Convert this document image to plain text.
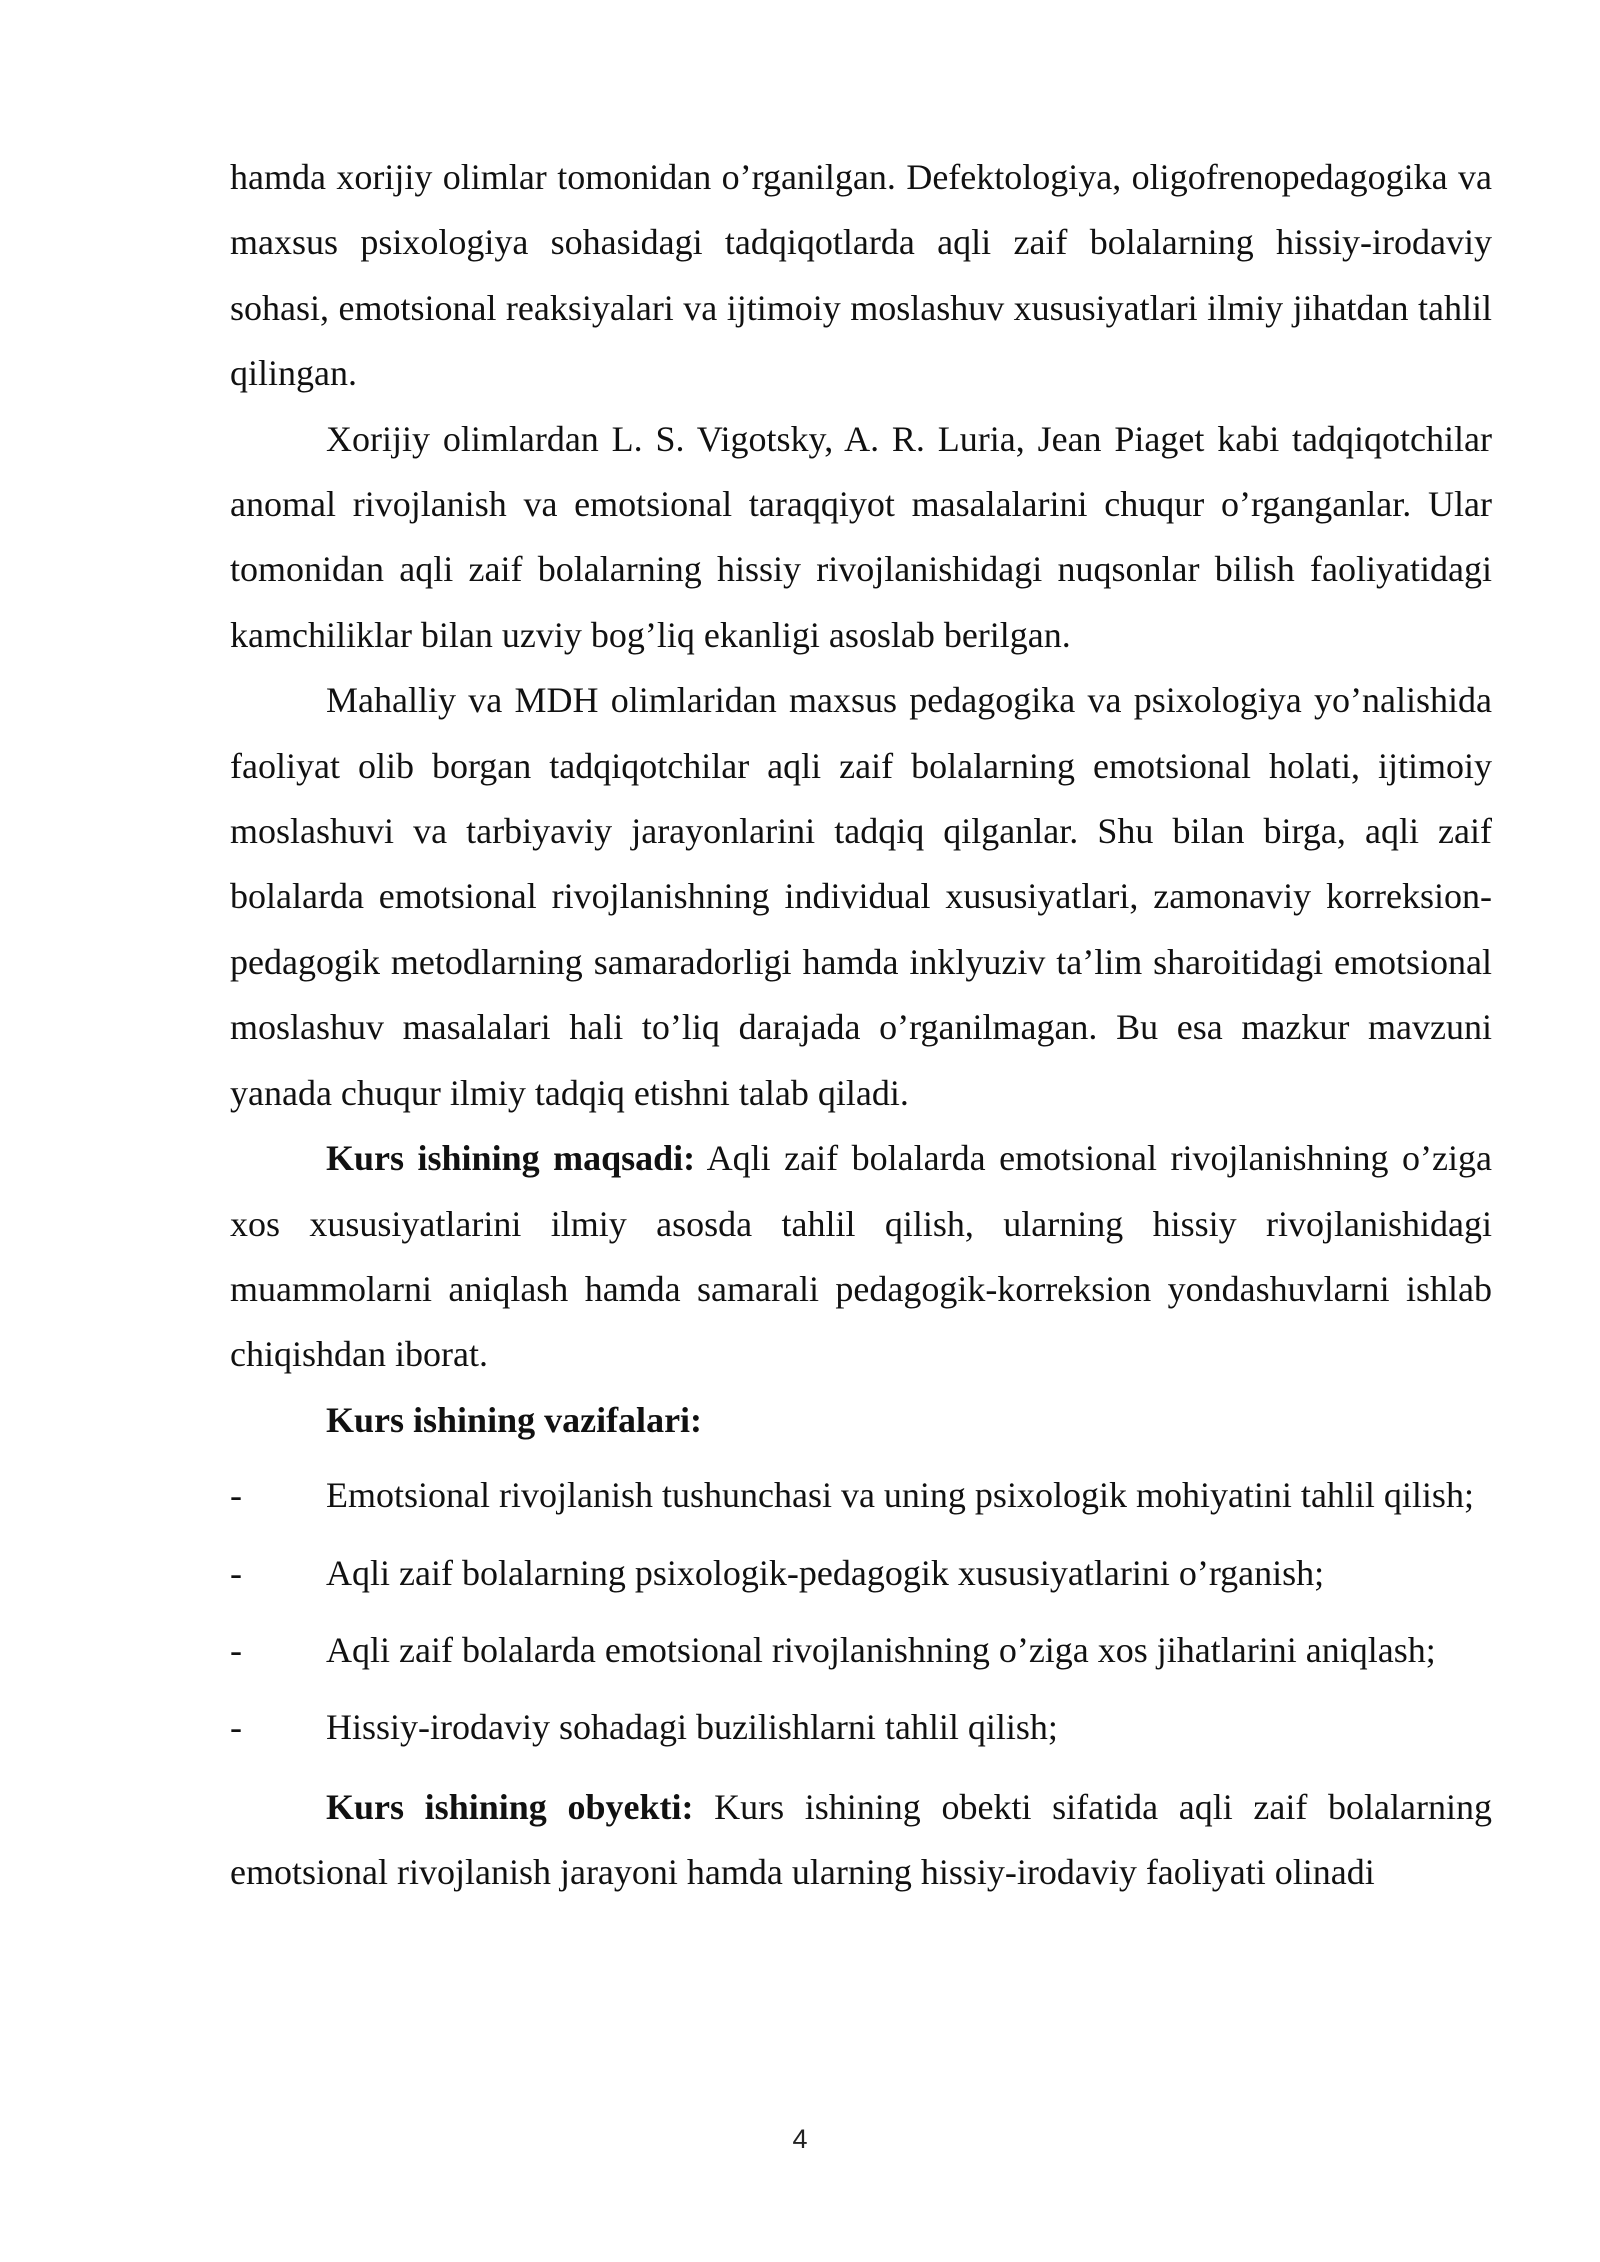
hamda xorijiy olimlar tomonidan o’rganilgan. Defektologiya, oligofrenopedagogika va maxsus psixologiya sohasidagi tadqiqotlarda aqli zaif bolalarning hissiy-irodaviy sohasi, emotsional reaksiyalari va ijtimoiy moslashuv xususiyatlari ilmiy jihatdan tahlil qilingan.

Xorijiy olimlardan L. S. Vigotsky, A. R. Luria, Jean Piaget kabi tadqiqotchilar anomal rivojlanish va emotsional taraqqiyot masalalarini chuqur o’rganganlar. Ular tomonidan aqli zaif bolalarning hissiy rivojlanishidagi nuqsonlar bilish faoliyatidagi kamchiliklar bilan uzviy bog’liq ekanligi asoslab berilgan.

Mahalliy va MDH olimlaridan maxsus pedagogika va psixologiya yo’nalishida faoliyat olib borgan tadqiqotchilar aqli zaif bolalarning emotsional holati, ijtimoiy moslashuvi va tarbiyaviy jarayonlarini tadqiq qilganlar. Shu bilan birga, aqli zaif bolalarda emotsional rivojlanishning individual xususiyatlari, zamonaviy korreksion-pedagogik metodlarning samaradorligi hamda inklyuziv ta’lim sharoitidagi emotsional moslashuv masalalari hali to’liq darajada o’rganilmagan. Bu esa mazkur mavzuni yanada chuqur ilmiy tadqiq etishni talab qiladi.

Kurs ishining maqsadi: Aqli zaif bolalarda emotsional rivojlanishning o’ziga xos xususiyatlarini ilmiy asosda tahlil qilish, ularning hissiy rivojlanishidagi muammolarni aniqlash hamda samarali pedagogik-korreksion yondashuvlarni ishlab chiqishdan iborat.

Kurs ishining vazifalari:
- Emotsional rivojlanish tushunchasi va uning psixologik mohiyatini tahlil qilish;
- Aqli zaif bolalarning psixologik-pedagogik xususiyatlarini o’rganish;
- Aqli zaif bolalarda emotsional rivojlanishning o’ziga xos jihatlarini aniqlash;
- Hissiy-irodaviy sohadagi buzilishlarni tahlil qilish;

Kurs ishining obyekti: Kurs ishining obekti sifatida aqli zaif bolalarning emotsional rivojlanish jarayoni hamda ularning hissiy-irodaviy faoliyati olinadi

4
